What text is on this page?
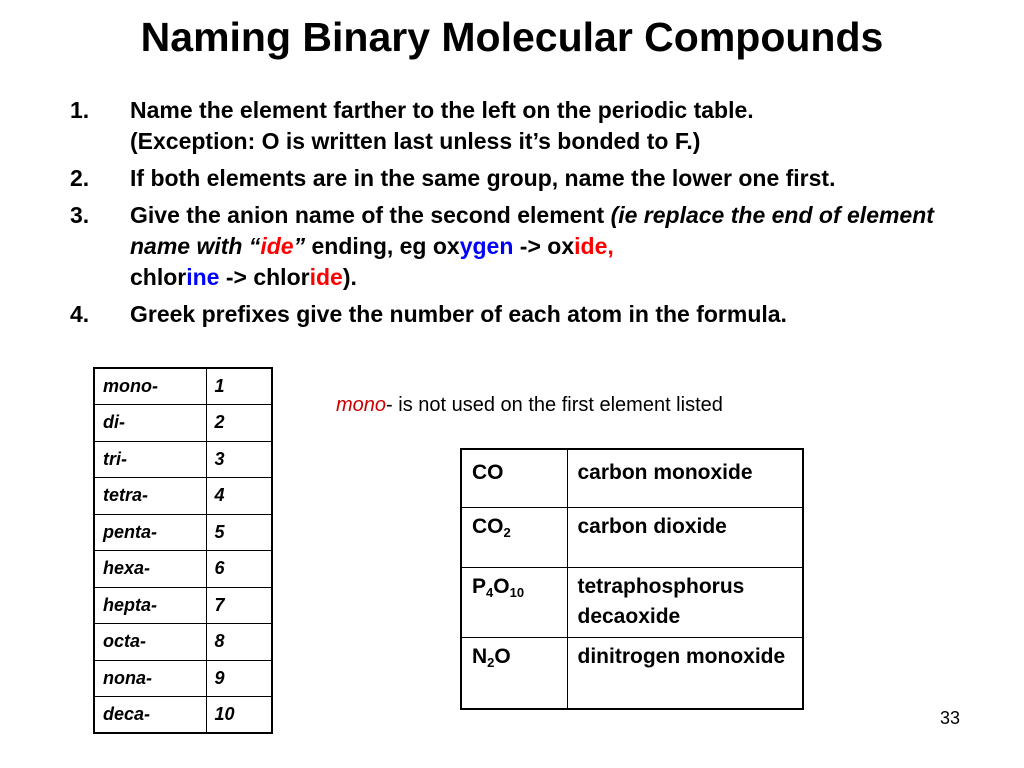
Naming Binary Molecular Compounds
1. Name the element farther to the left on the periodic table.
(Exception: O is written last unless it’s bonded to F.)
2. If both elements are in the same group, name the lower one first.
3. Give the anion name of the second element (ie replace the end of element name with “ide” ending, eg oxygen -> oxide,
chlorine -> chloride).
4. Greek prefixes give the number of each atom in the formula.
mono-	1
di-	2
tri-	3
tetra-	4
penta-	5
hexa-	6
hepta-	7
octa-	8
nona-	9
deca-	10

mono- is not used on the first element listed

CO	carbon monoxide
$CO_2$	carbon dioxide
$P_4O_{10}$	tetraphosphorus decaoxide
$N_2O$	dinitrogen monoxide
33
